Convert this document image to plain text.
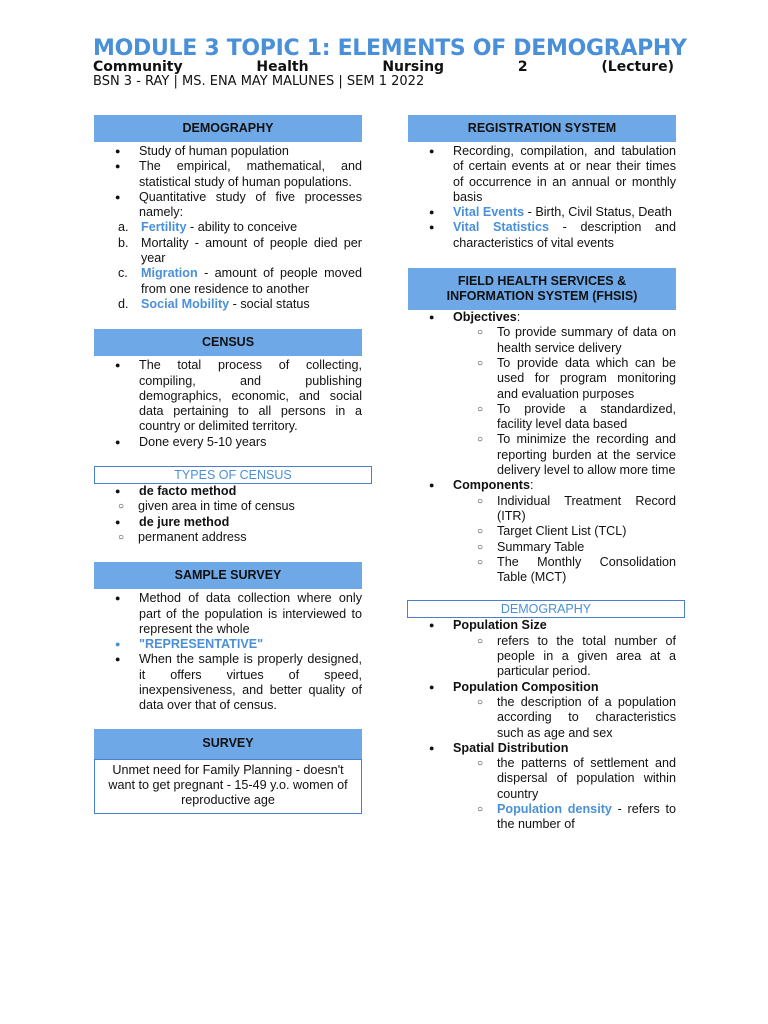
MODULE 3 TOPIC 1: ELEMENTS OF DEMOGRAPHY
Community	Health	Nursing	2	(Lecture)
BSN 3 - RAY | MS. ENA MAY MALUNES | SEM 1 2022
DEMOGRAPHY
● Study of human population
● The empirical, mathematical, and statistical study of human populations.
● Quantitative study of five processes namely:
a. Fertility - ability to conceive
b. Mortality - amount of people died per year
c. Migration - amount of people moved from one residence to another
d. Social Mobility - social status
CENSUS
● The total process of collecting, compiling, and publishing demographics, economic, and social data pertaining to all persons in a country or delimited territory.
● Done every 5-10 years
TYPES OF CENSUS
● de facto method
○ given area in time of census
● de jure method
○ permanent address
SAMPLE SURVEY
● Method of data collection where only part of the population is interviewed to represent the whole
● "REPRESENTATIVE"
● When the sample is properly designed, it offers virtues of speed, inexpensiveness, and better quality of data over that of census.
SURVEY
Unmet need for Family Planning - doesn't want to get pregnant - 15-49 y.o. women of reproductive age
REGISTRATION SYSTEM
● Recording, compilation, and tabulation of certain events at or near their times of occurrence in an annual or monthly basis
● Vital Events - Birth, Civil Status, Death
● Vital Statistics - description and characteristics of vital events
FIELD HEALTH SERVICES &
INFORMATION SYSTEM (FHSIS)
● Objectives:
○ To provide summary of data on health service delivery
○ To provide data which can be used for program monitoring and evaluation purposes
○ To provide a standardized, facility level data based
○ To minimize the recording and reporting burden at the service delivery level to allow more time
● Components:
○ Individual Treatment Record (ITR)
○ Target Client List (TCL)
○ Summary Table
○ The Monthly Consolidation Table (MCT)
DEMOGRAPHY
● Population Size
○ refers to the total number of people in a given area at a particular period.
● Population Composition
○ the description of a population according to characteristics such as age and sex
● Spatial Distribution
○ the patterns of settlement and dispersal of population within country
○ Population density - refers to the number of
